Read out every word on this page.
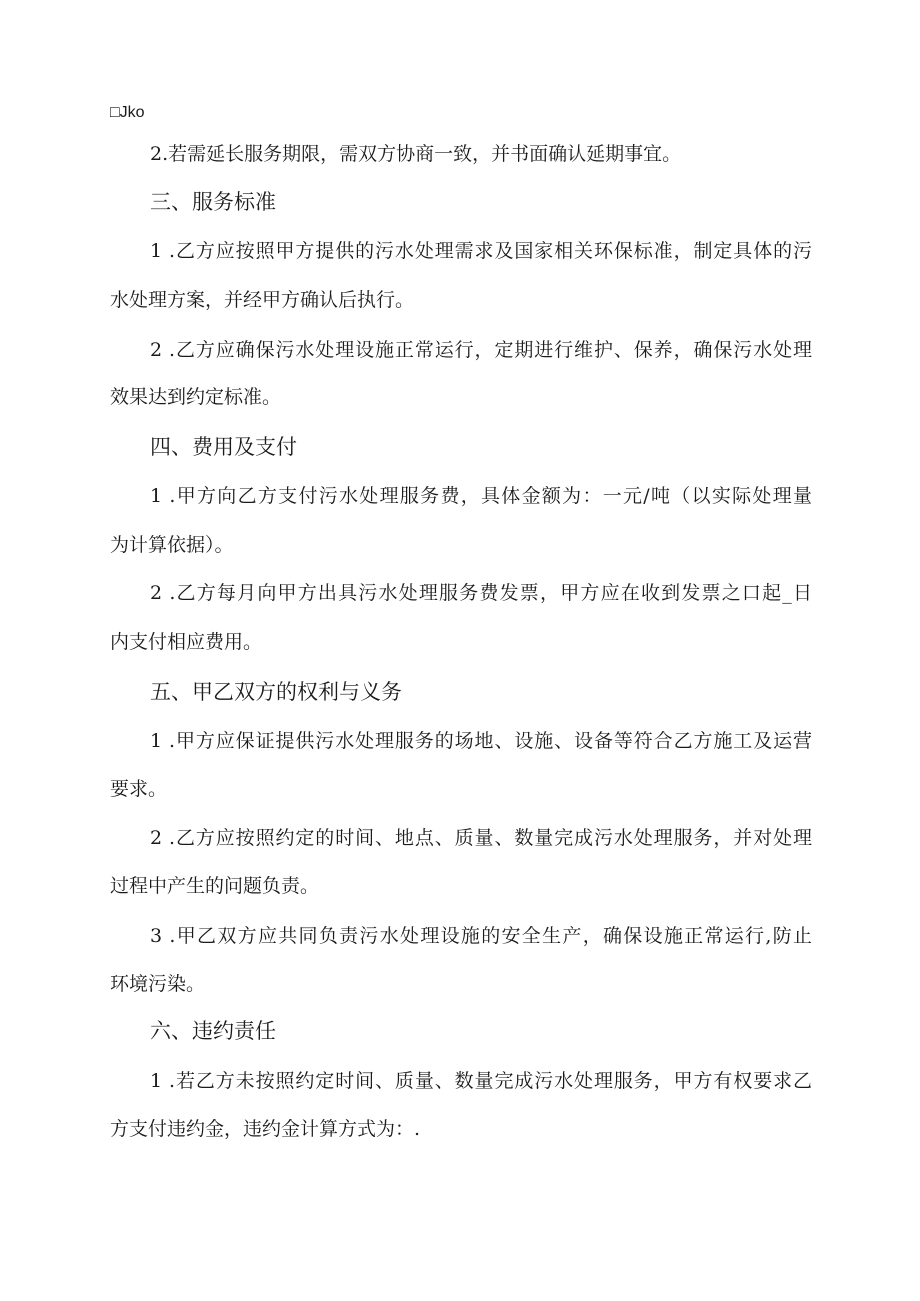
□Jko
2.若需延长服务期限，需双方协商一致，并书面确认延期事宜。
三、服务标准
1 .乙方应按照甲方提供的污水处理需求及国家相关环保标准，制定具体的污
水处理方案，并经甲方确认后执行。
2 .乙方应确保污水处理设施正常运行，定期进行维护、保养，确保污水处理
效果达到约定标准。
四、费用及支付
1 .甲方向乙方支付污水处理服务费，具体金额为：一元/吨（以实际处理量
为计算依据）。
2 .乙方每月向甲方出具污水处理服务费发票，甲方应在收到发票之口起_日
内支付相应费用。
五、甲乙双方的权利与义务
1 .甲方应保证提供污水处理服务的场地、设施、设备等符合乙方施工及运营
要求。
2 .乙方应按照约定的时间、地点、质量、数量完成污水处理服务，并对处理
过程中产生的问题负责。
3 .甲乙双方应共同负责污水处理设施的安全生产，确保设施正常运行,防止
环境污染。
六、违约责任
1 .若乙方未按照约定时间、质量、数量完成污水处理服务，甲方有权要求乙
方支付违约金，违约金计算方式为：.
